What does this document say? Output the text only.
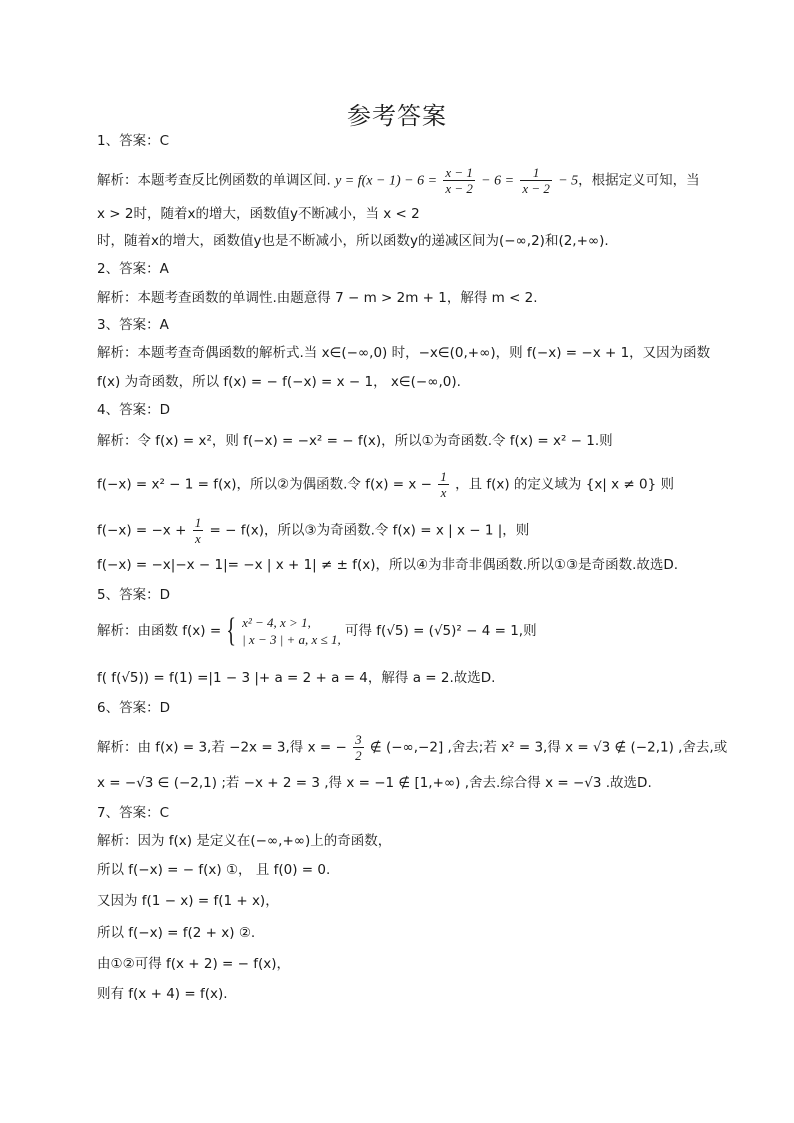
参考答案
1、答案：C
解析：本题考查反比例函数的单调区间. $y = f(x - 1) - 6 = \frac{x - 1}{x - 2} - 6 = \frac{1}{x - 2} - 5$，根据定义可知，当
x > 2时，随着x的增大，函数值y不断减小，当 x < 2
时，随着x的增大，函数值y也是不断减小，所以函数y的递减区间为(−∞,2)和(2,+∞).
2、答案：A
解析：本题考查函数的单调性.由题意得 7 − m > 2m + 1，解得 m < 2.
3、答案：A
解析：本题考查奇偶函数的解析式.当 x∈(−∞,0) 时，−x∈(0,+∞)，则 f(−x) = −x + 1，又因为函数
f(x) 为奇函数，所以 f(x) = − f(−x) = x − 1， x∈(−∞,0).
4、答案：D
解析：令 f(x) = x²，则 f(−x) = −x² = − f(x)，所以①为奇函数.令 f(x) = x² − 1.则
f(−x) = x² − 1 = f(x)，所以②为偶函数.令 $f(x) = x - \frac{1}{x}$ ，且 f(x) 的定义域为 {x| x ≠ 0} 则
$f(-x) = -x + \frac{1}{x}$ = − f(x)，所以③为奇函数.令 f(x) = x | x − 1 |，则
f(−x) = −x|−x − 1|= −x | x + 1| ≠ ± f(x)，所以④为非奇非偶函数.所以①③是奇函数.故选D.
5、答案：D
解析：由函数 f(x) = { x² − 4, x > 1,
| x − 3 | + a, x ≤ 1,
可得 f(√5) = (√5)² − 4 = 1,则
f( f(√5)) = f(1) =|1 − 3 |+ a = 2 + a = 4，解得 a = 2.故选D.
6、答案：D
解析：由 f(x) = 3,若 −2x = 3,得 x = − $\frac{3}{2}$ ∉ (−∞,−2] ,舍去;若 x² = 3,得 x = √3 ∉ (−2,1) ,舍去,或
x = −√3 ∈ (−2,1) ;若 −x + 2 = 3 ,得 x = −1 ∉ [1,+∞) ,舍去.综合得 x = −√3 .故选D.
7、答案：C
解析：因为 f(x) 是定义在(−∞,+∞)上的奇函数，
所以 f(−x) = − f(x) ①， 且 f(0) = 0.
又因为 f(1 − x) = f(1 + x)，
所以 f(−x) = f(2 + x) ②.
由①②可得 f(x + 2) = − f(x)，
则有 f(x + 4) = f(x).
